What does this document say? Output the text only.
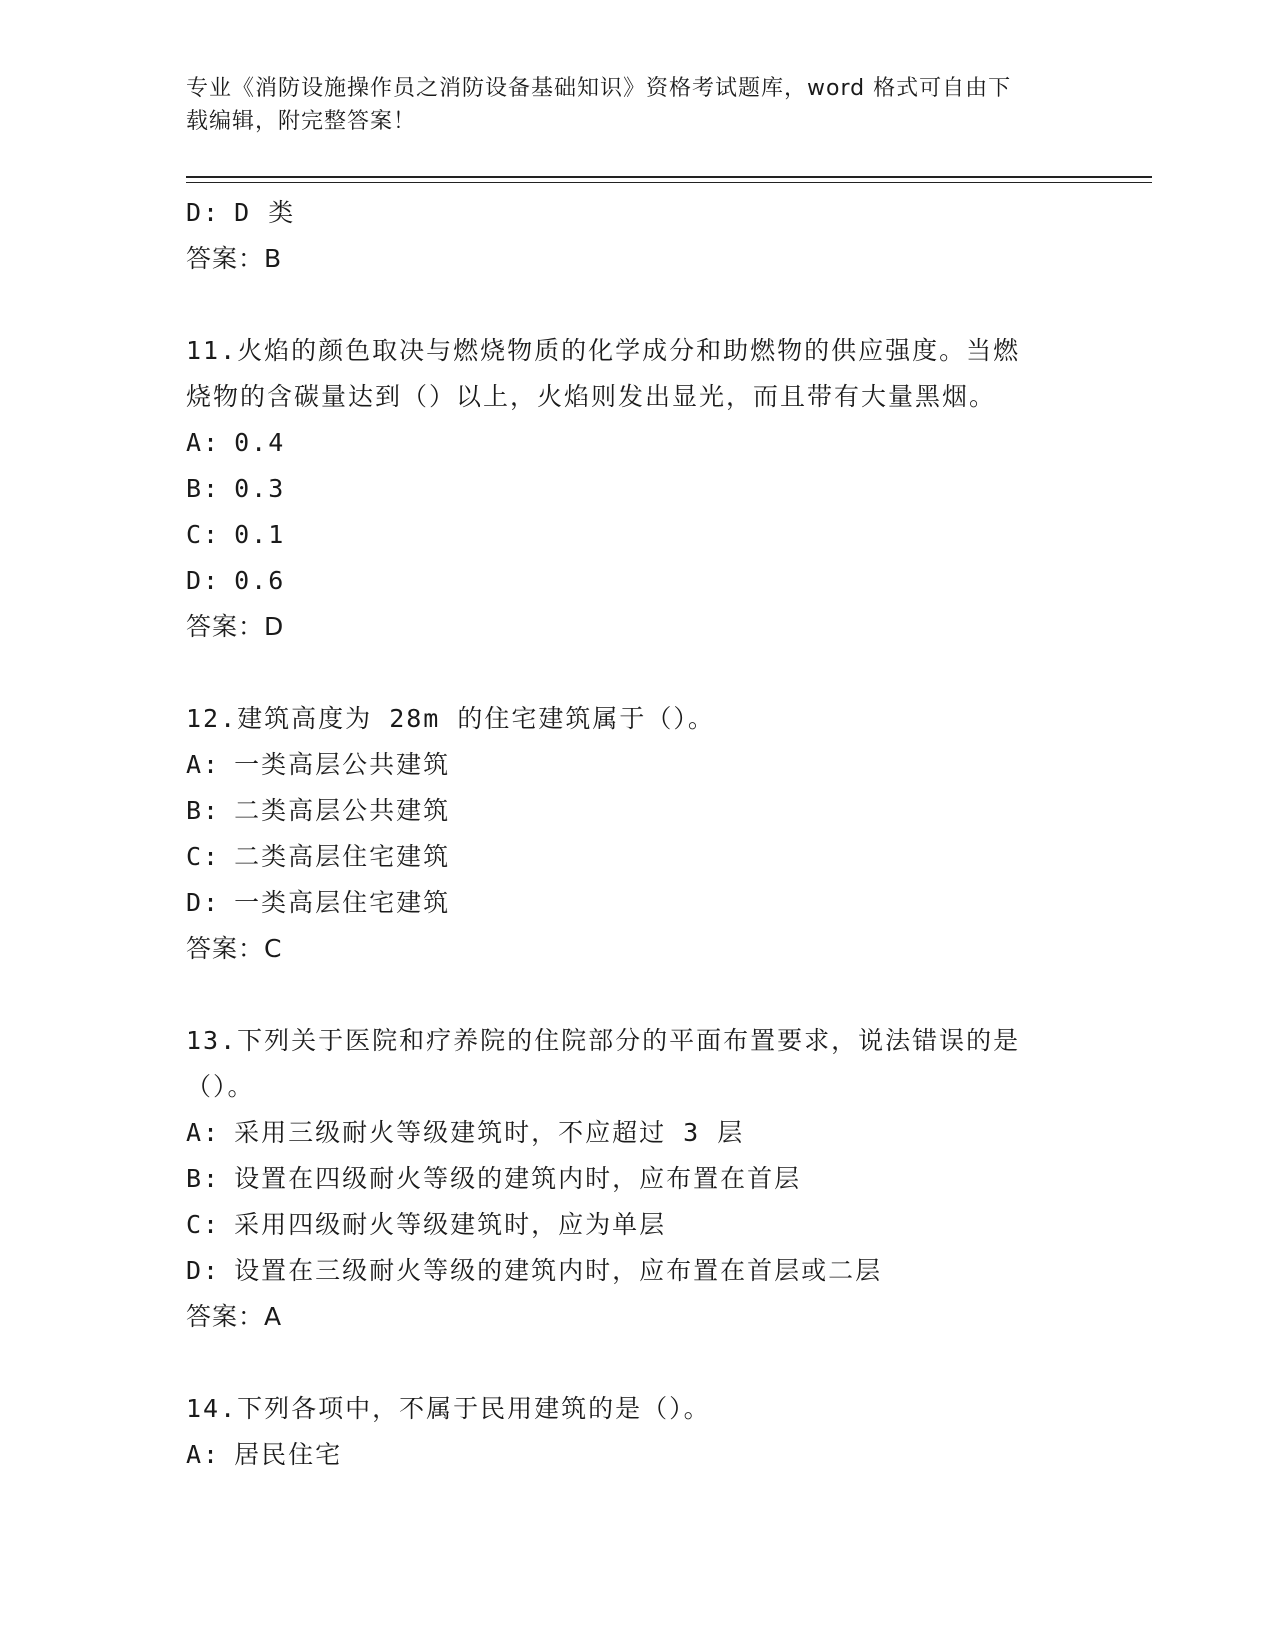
专业《消防设施操作员之消防设备基础知识》资格考试题库，word 格式可自由下
载编辑，附完整答案！
D: D 类
答案：B
11.火焰的颜色取决与燃烧物质的化学成分和助燃物的供应强度。当燃
烧物的含碳量达到（）以上，火焰则发出显光，而且带有大量黑烟。
A: 0.4
B: 0.3
C: 0.1
D: 0.6
答案：D
12.建筑高度为 28m 的住宅建筑属于（）。
A: 一类高层公共建筑
B: 二类高层公共建筑
C: 二类高层住宅建筑
D: 一类高层住宅建筑
答案：C
13.下列关于医院和疗养院的住院部分的平面布置要求，说法错误的是
（）。
A: 采用三级耐火等级建筑时，不应超过 3 层
B: 设置在四级耐火等级的建筑内时，应布置在首层
C: 采用四级耐火等级建筑时，应为单层
D: 设置在三级耐火等级的建筑内时，应布置在首层或二层
答案：A
14.下列各项中，不属于民用建筑的是（）。
A: 居民住宅
